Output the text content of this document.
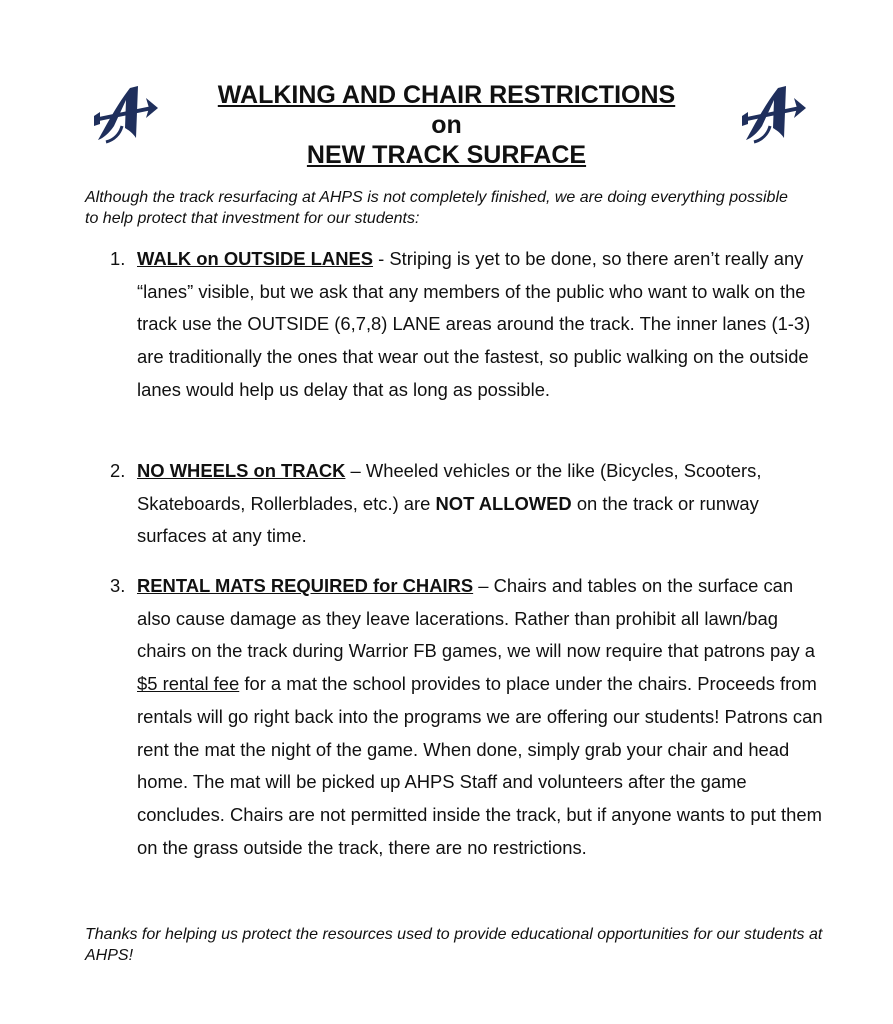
WALKING AND CHAIR RESTRICTIONS
on
NEW TRACK SURFACE

Although the track resurfacing at AHPS is not completely finished, we are doing everything possible to help protect that investment for our students:

1. WALK on OUTSIDE LANES - Striping is yet to be done, so there aren’t really any “lanes” visible, but we ask that any members of the public who want to walk on the track use the OUTSIDE (6,7,8) LANE areas around the track. The inner lanes (1-3) are traditionally the ones that wear out the fastest, so public walking on the outside lanes would help us delay that as long as possible.
2. NO WHEELS on TRACK – Wheeled vehicles or the like (Bicycles, Scooters, Skateboards, Rollerblades, etc.) are NOT ALLOWED on the track or runway surfaces at any time.
3. RENTAL MATS REQUIRED for CHAIRS – Chairs and tables on the surface can also cause damage as they leave lacerations. Rather than prohibit all lawn/bag chairs on the track during Warrior FB games, we will now require that patrons pay a $5 rental fee for a mat the school provides to place under the chairs. Proceeds from rentals will go right back into the programs we are offering our students! Patrons can rent the mat the night of the game. When done, simply grab your chair and head home. The mat will be picked up AHPS Staff and volunteers after the game concludes. Chairs are not permitted inside the track, but if anyone wants to put them on the grass outside the track, there are no restrictions.

Thanks for helping us protect the resources used to provide educational opportunities for our students at AHPS!
